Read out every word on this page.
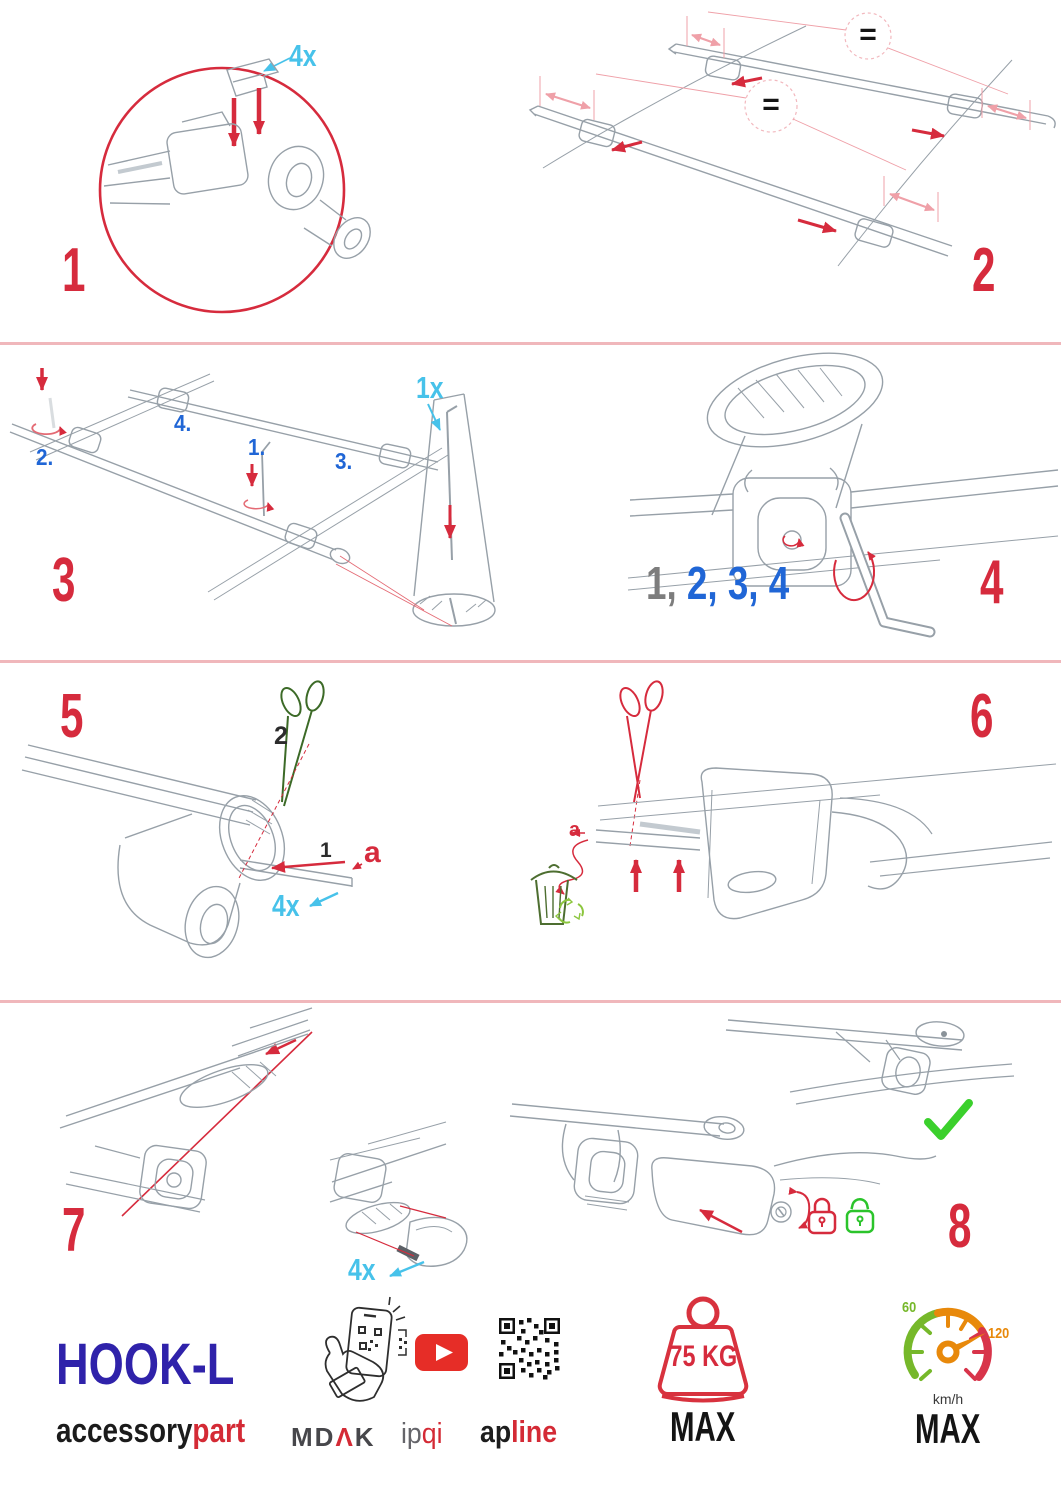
4x
1
=
=
2
4.
2.	1.
3.
1x
3	1, 2, 3, 4	4
5	2
1 a
4x
a
6
7
4x
8
HOOK-L
accessorypart MDΛK ipqi apline
75 KG
MAX
60
120
km/h
MAX
